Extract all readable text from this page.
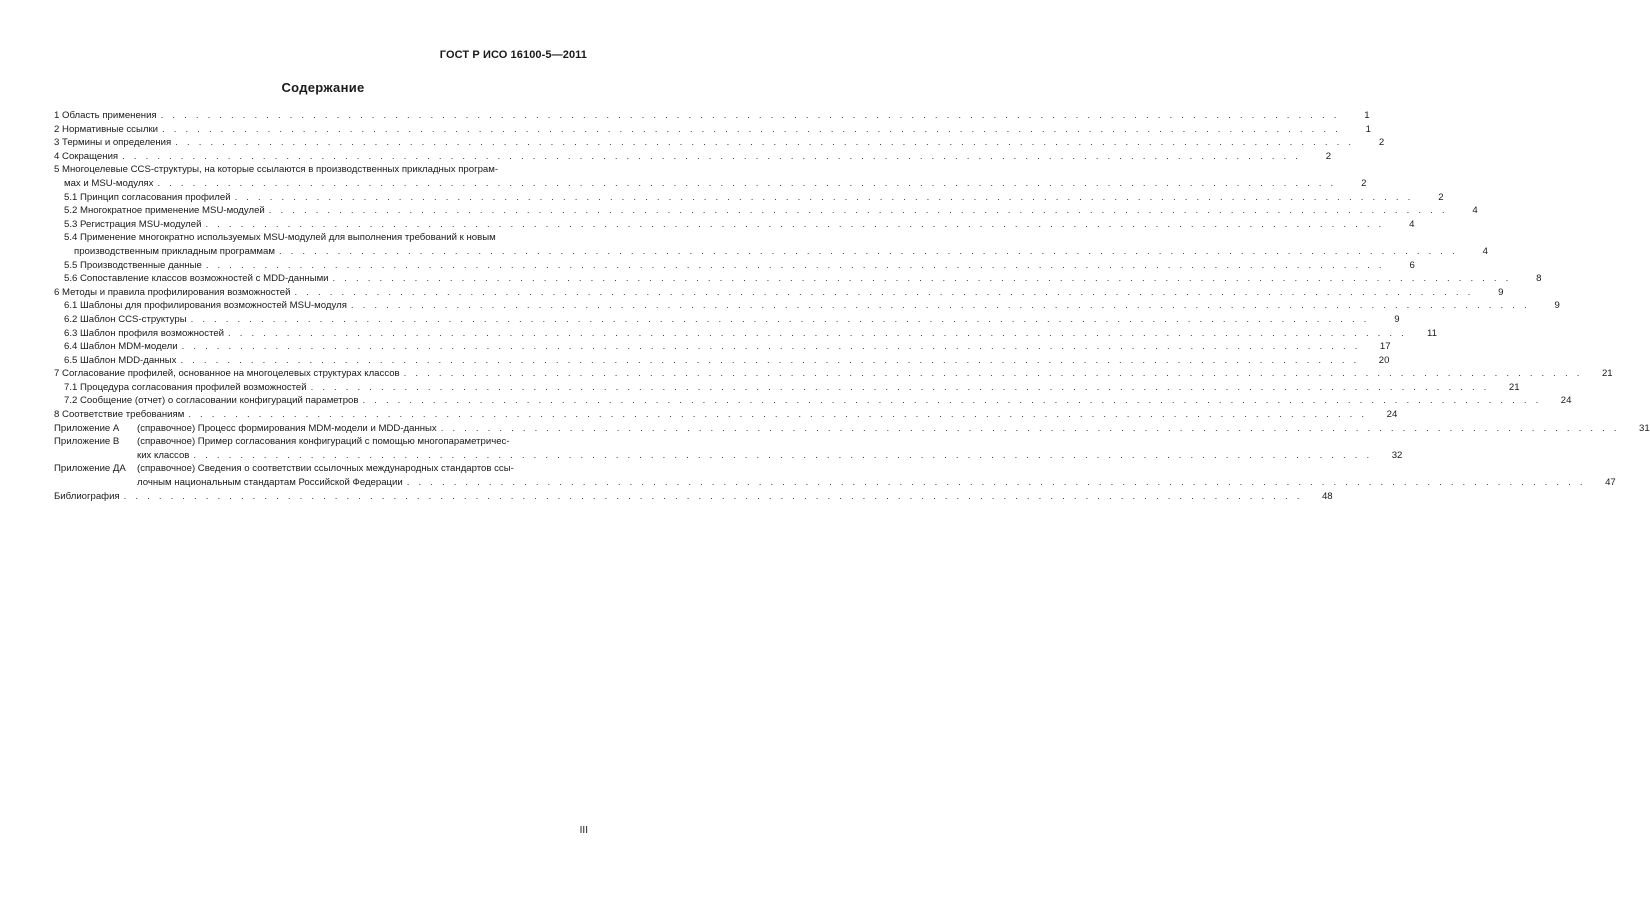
ГОСТ Р ИСО 16100-5—2011
Содержание
1 Область применения . . .	1
2 Нормативные ссылки . . .	1
3 Термины и определения . . .	2
4 Сокращения . . .	2
5 Многоцелевые CCS-структуры, на которые ссылаются в производственных прикладных програм-
мах и MSU-модулях . . .	2
5.1 Принцип согласования профилей . . .	2
5.2 Многократное применение MSU-модулей . . .	4
5.3 Регистрация MSU-модулей . . .	4
5.4 Применение многократно используемых MSU-модулей для выполнения требований к новым
производственным прикладным программам . . .	4
5.5 Производственные данные . . .	6
5.6 Сопоставление классов возможностей с MDD-данными . . .	8
6 Методы и правила профилирования возможностей . . .	9
6.1 Шаблоны для профилирования возможностей MSU-модуля . . .	9
6.2 Шаблон CCS-структуры . . .	9
6.3 Шаблон профиля возможностей . . .	11
6.4 Шаблон MDM-модели . . .	17
6.5 Шаблон MDD-данных . . .	20
7 Согласование профилей, основанное на многоцелевых структурах классов . . .	21
7.1 Процедура согласования профилей возможностей . . .	21
7.2 Сообщение (отчет) о согласовании конфигураций параметров . . .	24
8 Соответствие требованиям . . .	24
Приложение А	(справочное) Процесс формирования MDM-модели и MDD-данных . . .	31
Приложение В	(справочное) Пример согласования конфигураций с помощью многопараметричес-
ких классов . . .	32
Приложение ДА	(справочное) Сведения о соответствии ссылочных международных стандартов ссы-
лочным национальным стандартам Российской Федерации . . .	47
Библиография . . .	48
III
